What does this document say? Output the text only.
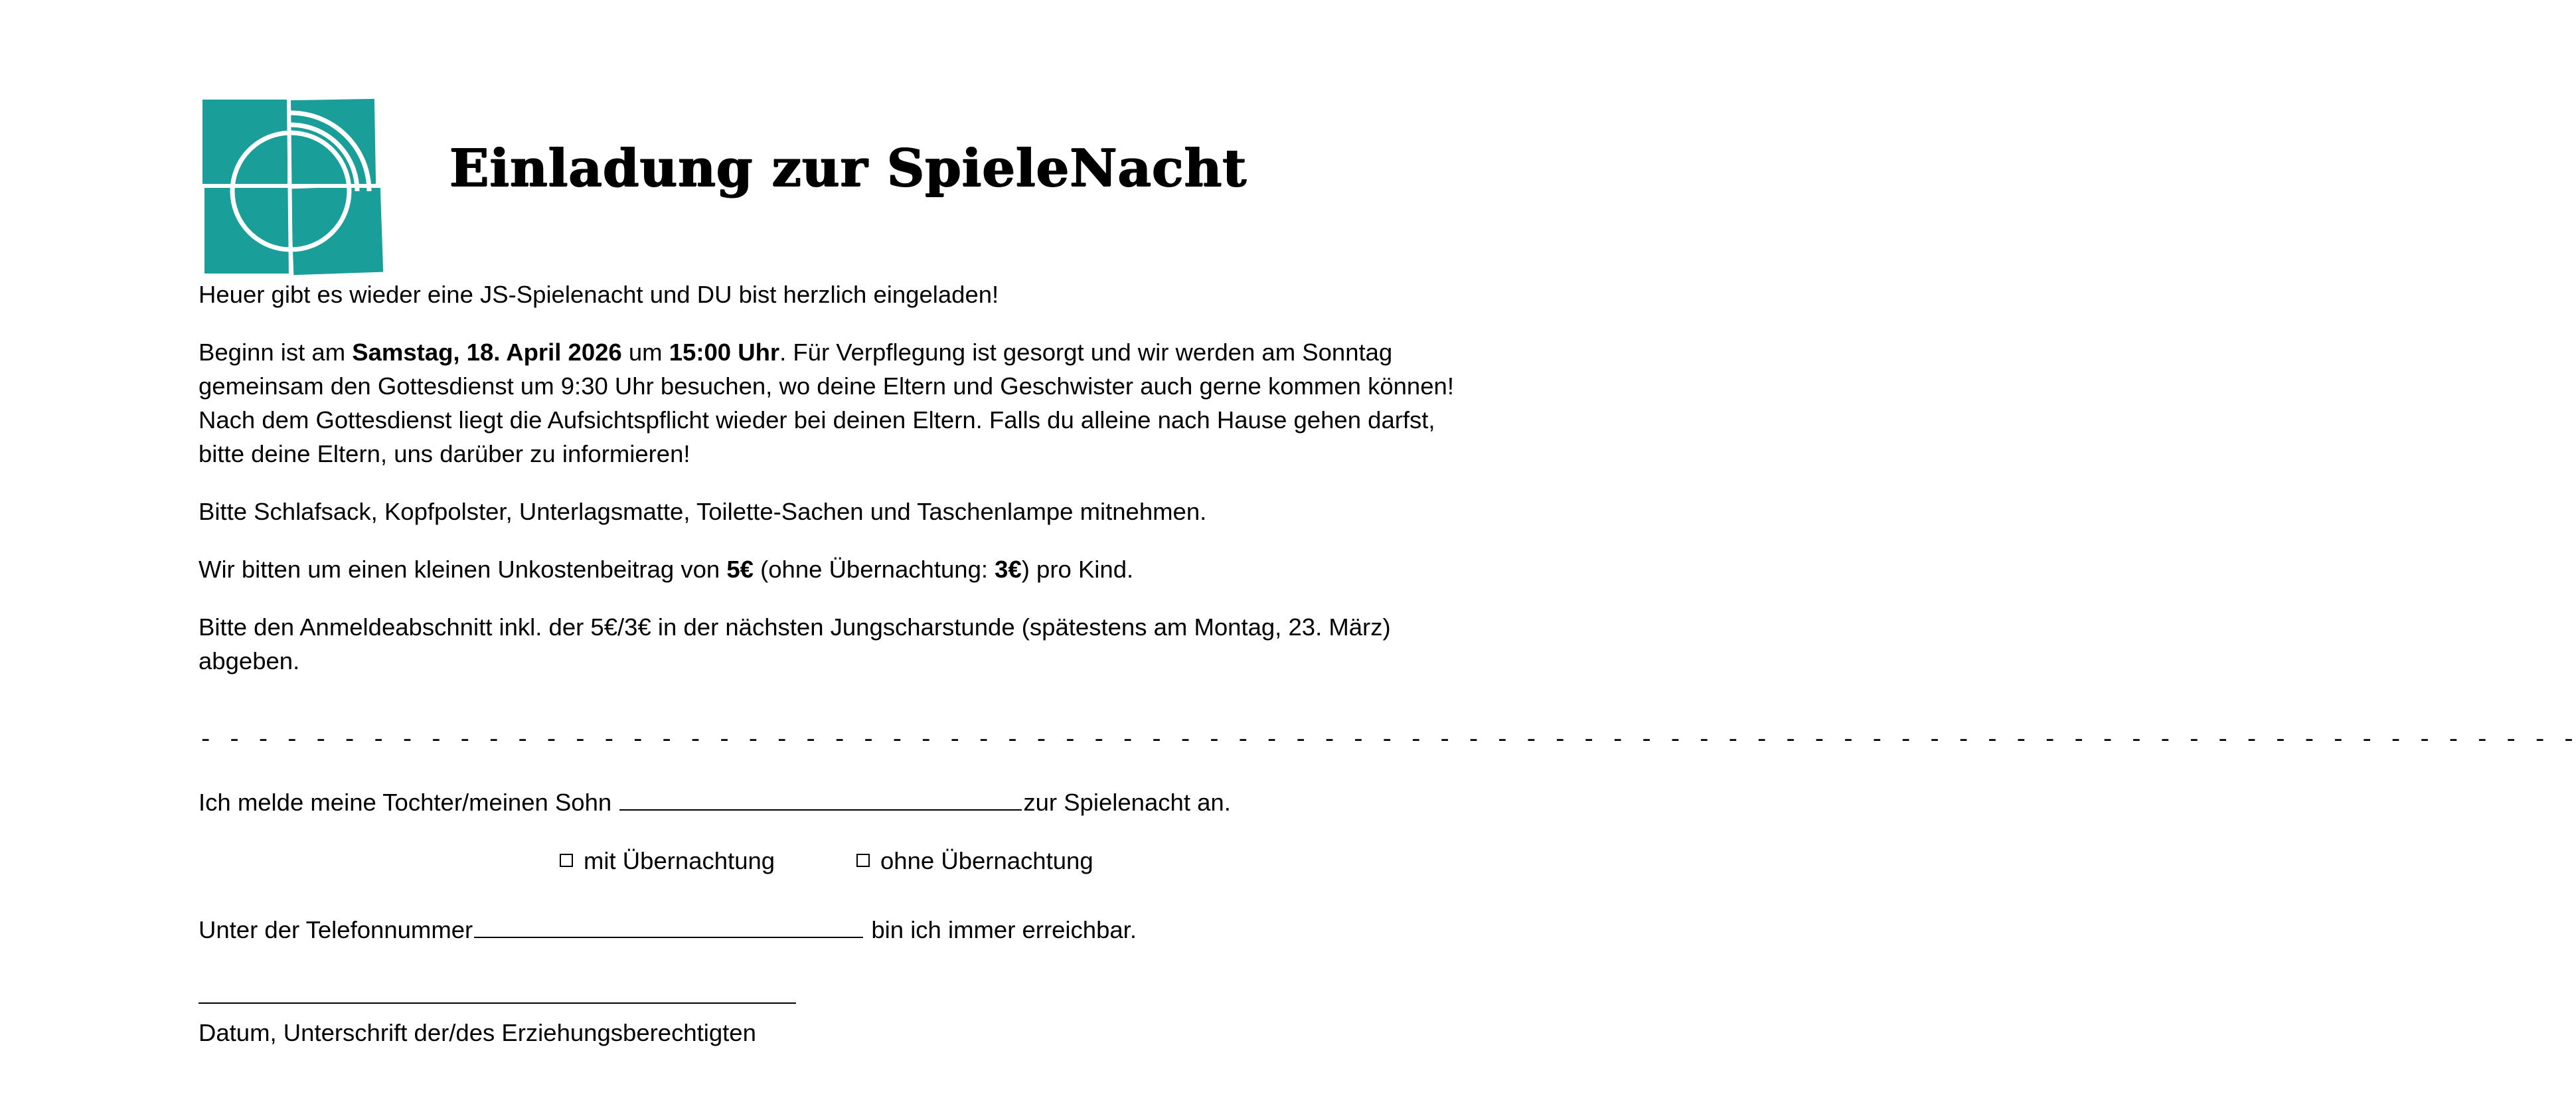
Einladung zur SpieleNacht

Heuer gibt es wieder eine JS-Spielenacht und DU bist herzlich eingeladen!

Beginn ist am Samstag, 18. April 2026 um 15:00 Uhr. Für Verpflegung ist gesorgt und wir werden am Sonntag gemeinsam den Gottesdienst um 9:30 Uhr besuchen, wo deine Eltern und Geschwister auch gerne kommen können!

Nach dem Gottesdienst liegt die Aufsichtspflicht wieder bei deinen Eltern. Falls du alleine nach Hause gehen darfst, bitte deine Eltern, uns darüber zu informieren!

Bitte Schlafsack, Kopfpolster, Unterlagsmatte, Toilette-Sachen und Taschenlampe mitnehmen.

Wir bitten um einen kleinen Unkostenbeitrag von 5€ (ohne Übernachtung: 3€) pro Kind.

Bitte den Anmeldeabschnitt inkl. der 5€/3€ in der nächsten Jungscharstunde (spätestens am Montag, 23. März) abgeben.

- - - - - - - - - - - - - - - - - - - - - - - - - - - - - - - - - - - - - - - - - - - - - - - - - - - - - - - - - - - - - - - - - - - - - - - - - - - - - - - - - - -
Ich melde meine Tochter/meinen Sohn	zur Spielenacht an.
mit Übernachtung	ohne Übernachtung
Unter der Telefonnummer	bin ich immer erreichbar.
Datum, Unterschrift der/des Erziehungsberechtigten
